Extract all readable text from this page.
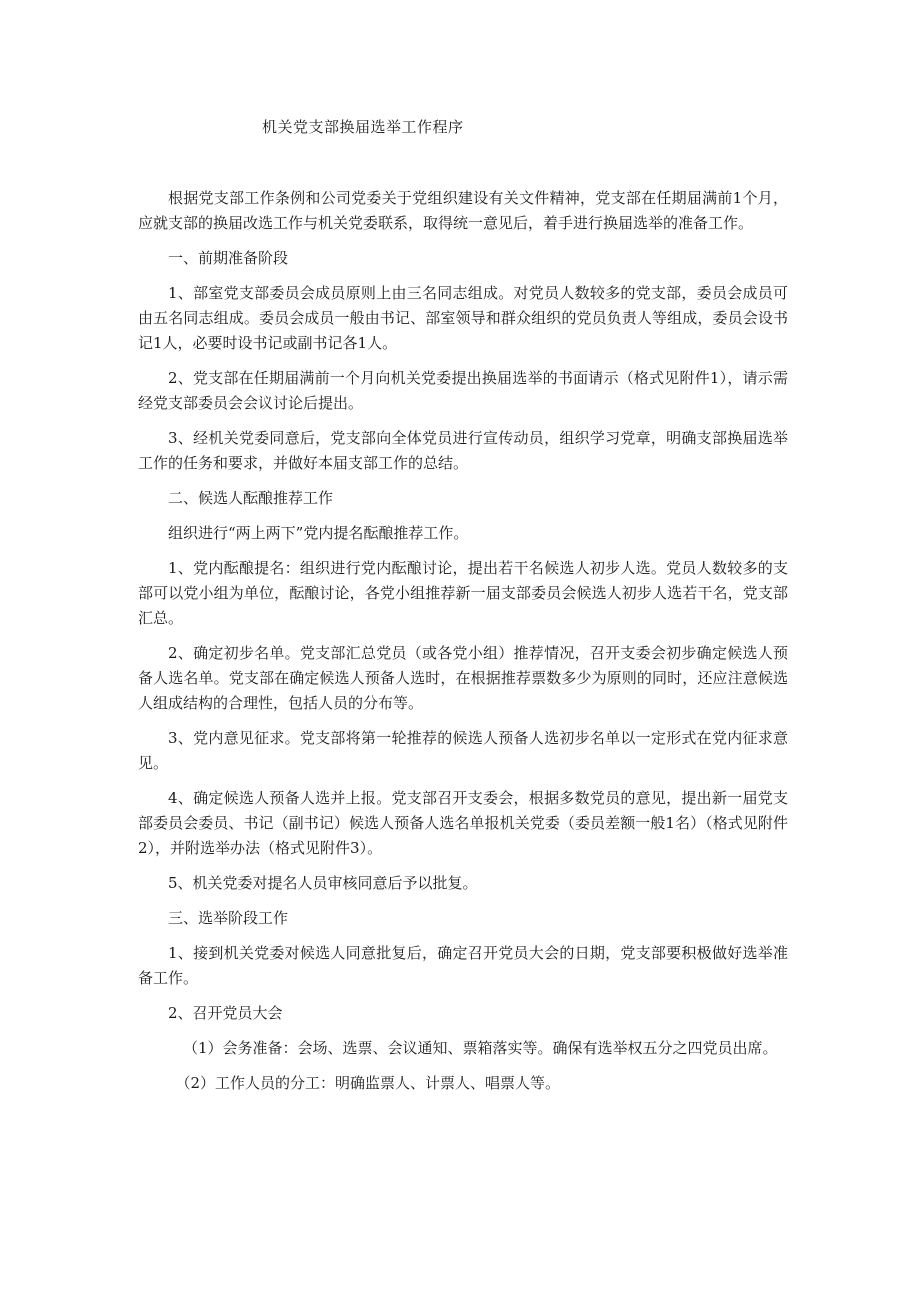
机关党支部换届选举工作程序

根据党支部工作条例和公司党委关于党组织建设有关文件精神，党支部在任期届满前1个月，应就支部的换届改选工作与机关党委联系，取得统一意见后，着手进行换届选举的准备工作。

一、前期准备阶段

1、部室党支部委员会成员原则上由三名同志组成。对党员人数较多的党支部，委员会成员可由五名同志组成。委员会成员一般由书记、部室领导和群众组织的党员负责人等组成，委员会设书记1人，必要时设书记或副书记各1人。

2、党支部在任期届满前一个月向机关党委提出换届选举的书面请示（格式见附件1），请示需经党支部委员会会议讨论后提出。

3、经机关党委同意后，党支部向全体党员进行宣传动员，组织学习党章，明确支部换届选举工作的任务和要求，并做好本届支部工作的总结。

二、候选人酝酿推荐工作

组织进行“两上两下”党内提名酝酿推荐工作。

1、党内酝酿提名：组织进行党内酝酿讨论，提出若干名候选人初步人选。党员人数较多的支部可以党小组为单位，酝酿讨论，各党小组推荐新一届支部委员会候选人初步人选若干名，党支部汇总。

2、确定初步名单。党支部汇总党员（或各党小组）推荐情况，召开支委会初步确定候选人预备人选名单。党支部在确定候选人预备人选时，在根据推荐票数多少为原则的同时，还应注意候选人组成结构的合理性，包括人员的分布等。

3、党内意见征求。党支部将第一轮推荐的候选人预备人选初步名单以一定形式在党内征求意见。

4、确定候选人预备人选并上报。党支部召开支委会，根据多数党员的意见，提出新一届党支部委员会委员、书记（副书记）候选人预备人选名单报机关党委（委员差额一般1名）（格式见附件2），并附选举办法（格式见附件3）。

5、机关党委对提名人员审核同意后予以批复。

三、选举阶段工作

1、接到机关党委对候选人同意批复后，确定召开党员大会的日期，党支部要积极做好选举准备工作。

2、召开党员大会

（1）会务准备：会场、选票、会议通知、票箱落实等。确保有选举权五分之四党员出席。

（2）工作人员的分工：明确监票人、计票人、唱票人等。
